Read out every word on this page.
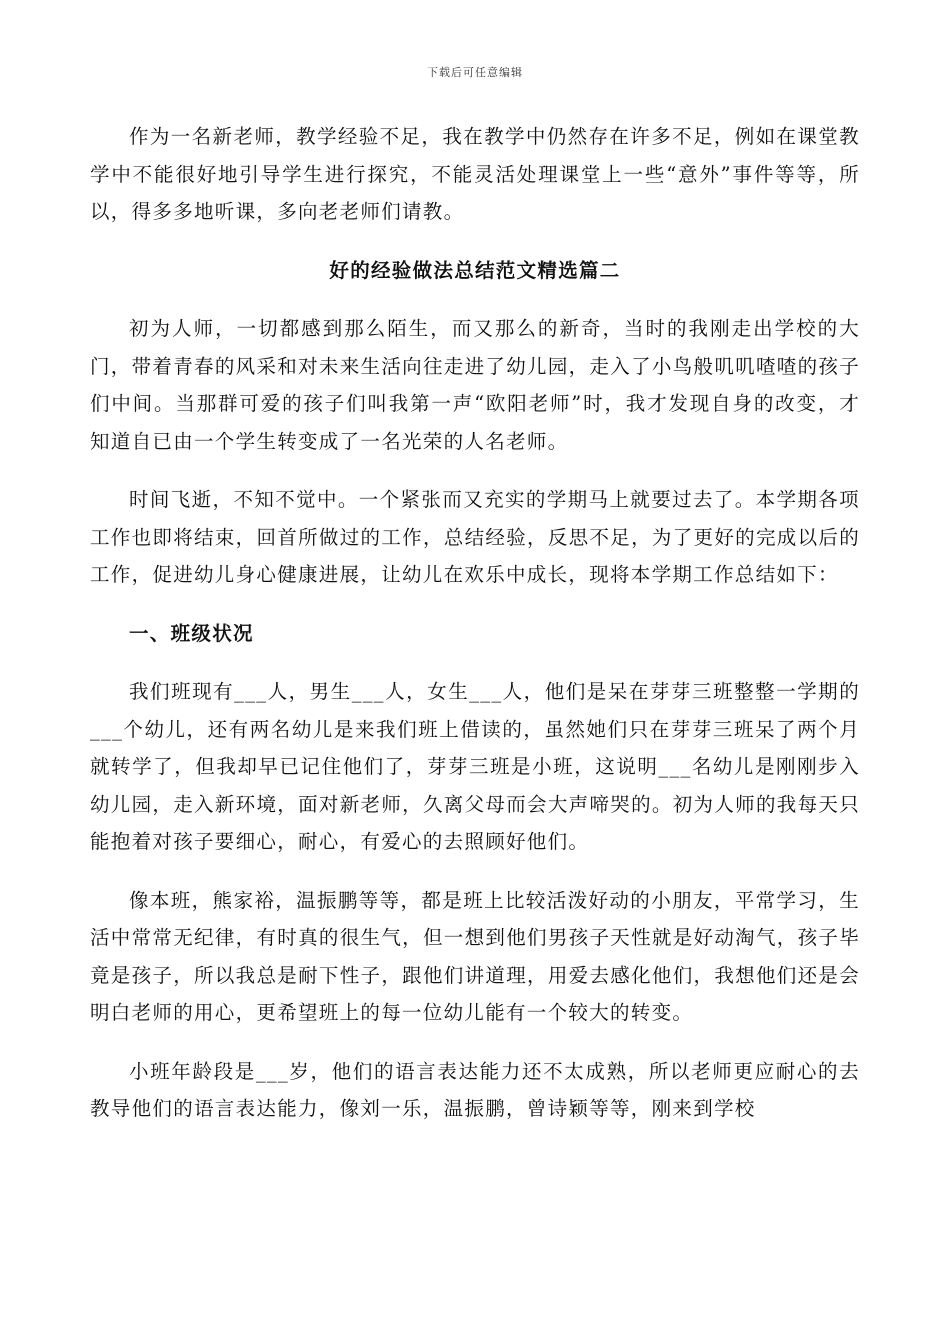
下载后可任意编辑

作为一名新老师，教学经验不足，我在教学中仍然存在许多不足，例如在课堂教学中不能很好地引导学生进行探究，不能灵活处理课堂上一些“意外”事件等等，所以，得多多地听课，多向老老师们请教。

好的经验做法总结范文精选篇二

初为人师，一切都感到那么陌生，而又那么的新奇，当时的我刚走出学校的大门，带着青春的风采和对未来生活向往走进了幼儿园，走入了小鸟般叽叽喳喳的孩子们中间。当那群可爱的孩子们叫我第一声“欧阳老师”时，我才发现自身的改变，才知道自已由一个学生转变成了一名光荣的人名老师。

时间飞逝，不知不觉中。一个紧张而又充实的学期马上就要过去了。本学期各项工作也即将结束，回首所做过的工作，总结经验，反思不足，为了更好的完成以后的工作，促进幼儿身心健康进展，让幼儿在欢乐中成长，现将本学期工作总结如下：

一、班级状况

我们班现有___人，男生___人，女生___人，他们是呆在芽芽三班整整一学期的___个幼儿，还有两名幼儿是来我们班上借读的，虽然她们只在芽芽三班呆了两个月就转学了，但我却早已记住他们了，芽芽三班是小班，这说明___名幼儿是刚刚步入幼儿园，走入新环境，面对新老师，久离父母而会大声啼哭的。初为人师的我每天只能抱着对孩子要细心，耐心，有爱心的去照顾好他们。

像本班，熊家裕，温振鹏等等，都是班上比较活泼好动的小朋友，平常学习，生活中常常无纪律，有时真的很生气，但一想到他们男孩子天性就是好动淘气，孩子毕竟是孩子，所以我总是耐下性子，跟他们讲道理，用爱去感化他们，我想他们还是会明白老师的用心，更希望班上的每一位幼儿能有一个较大的转变。

小班年龄段是___岁，他们的语言表达能力还不太成熟，所以老师更应耐心的去教导他们的语言表达能力，像刘一乐，温振鹏，曾诗颖等等，刚来到学校
